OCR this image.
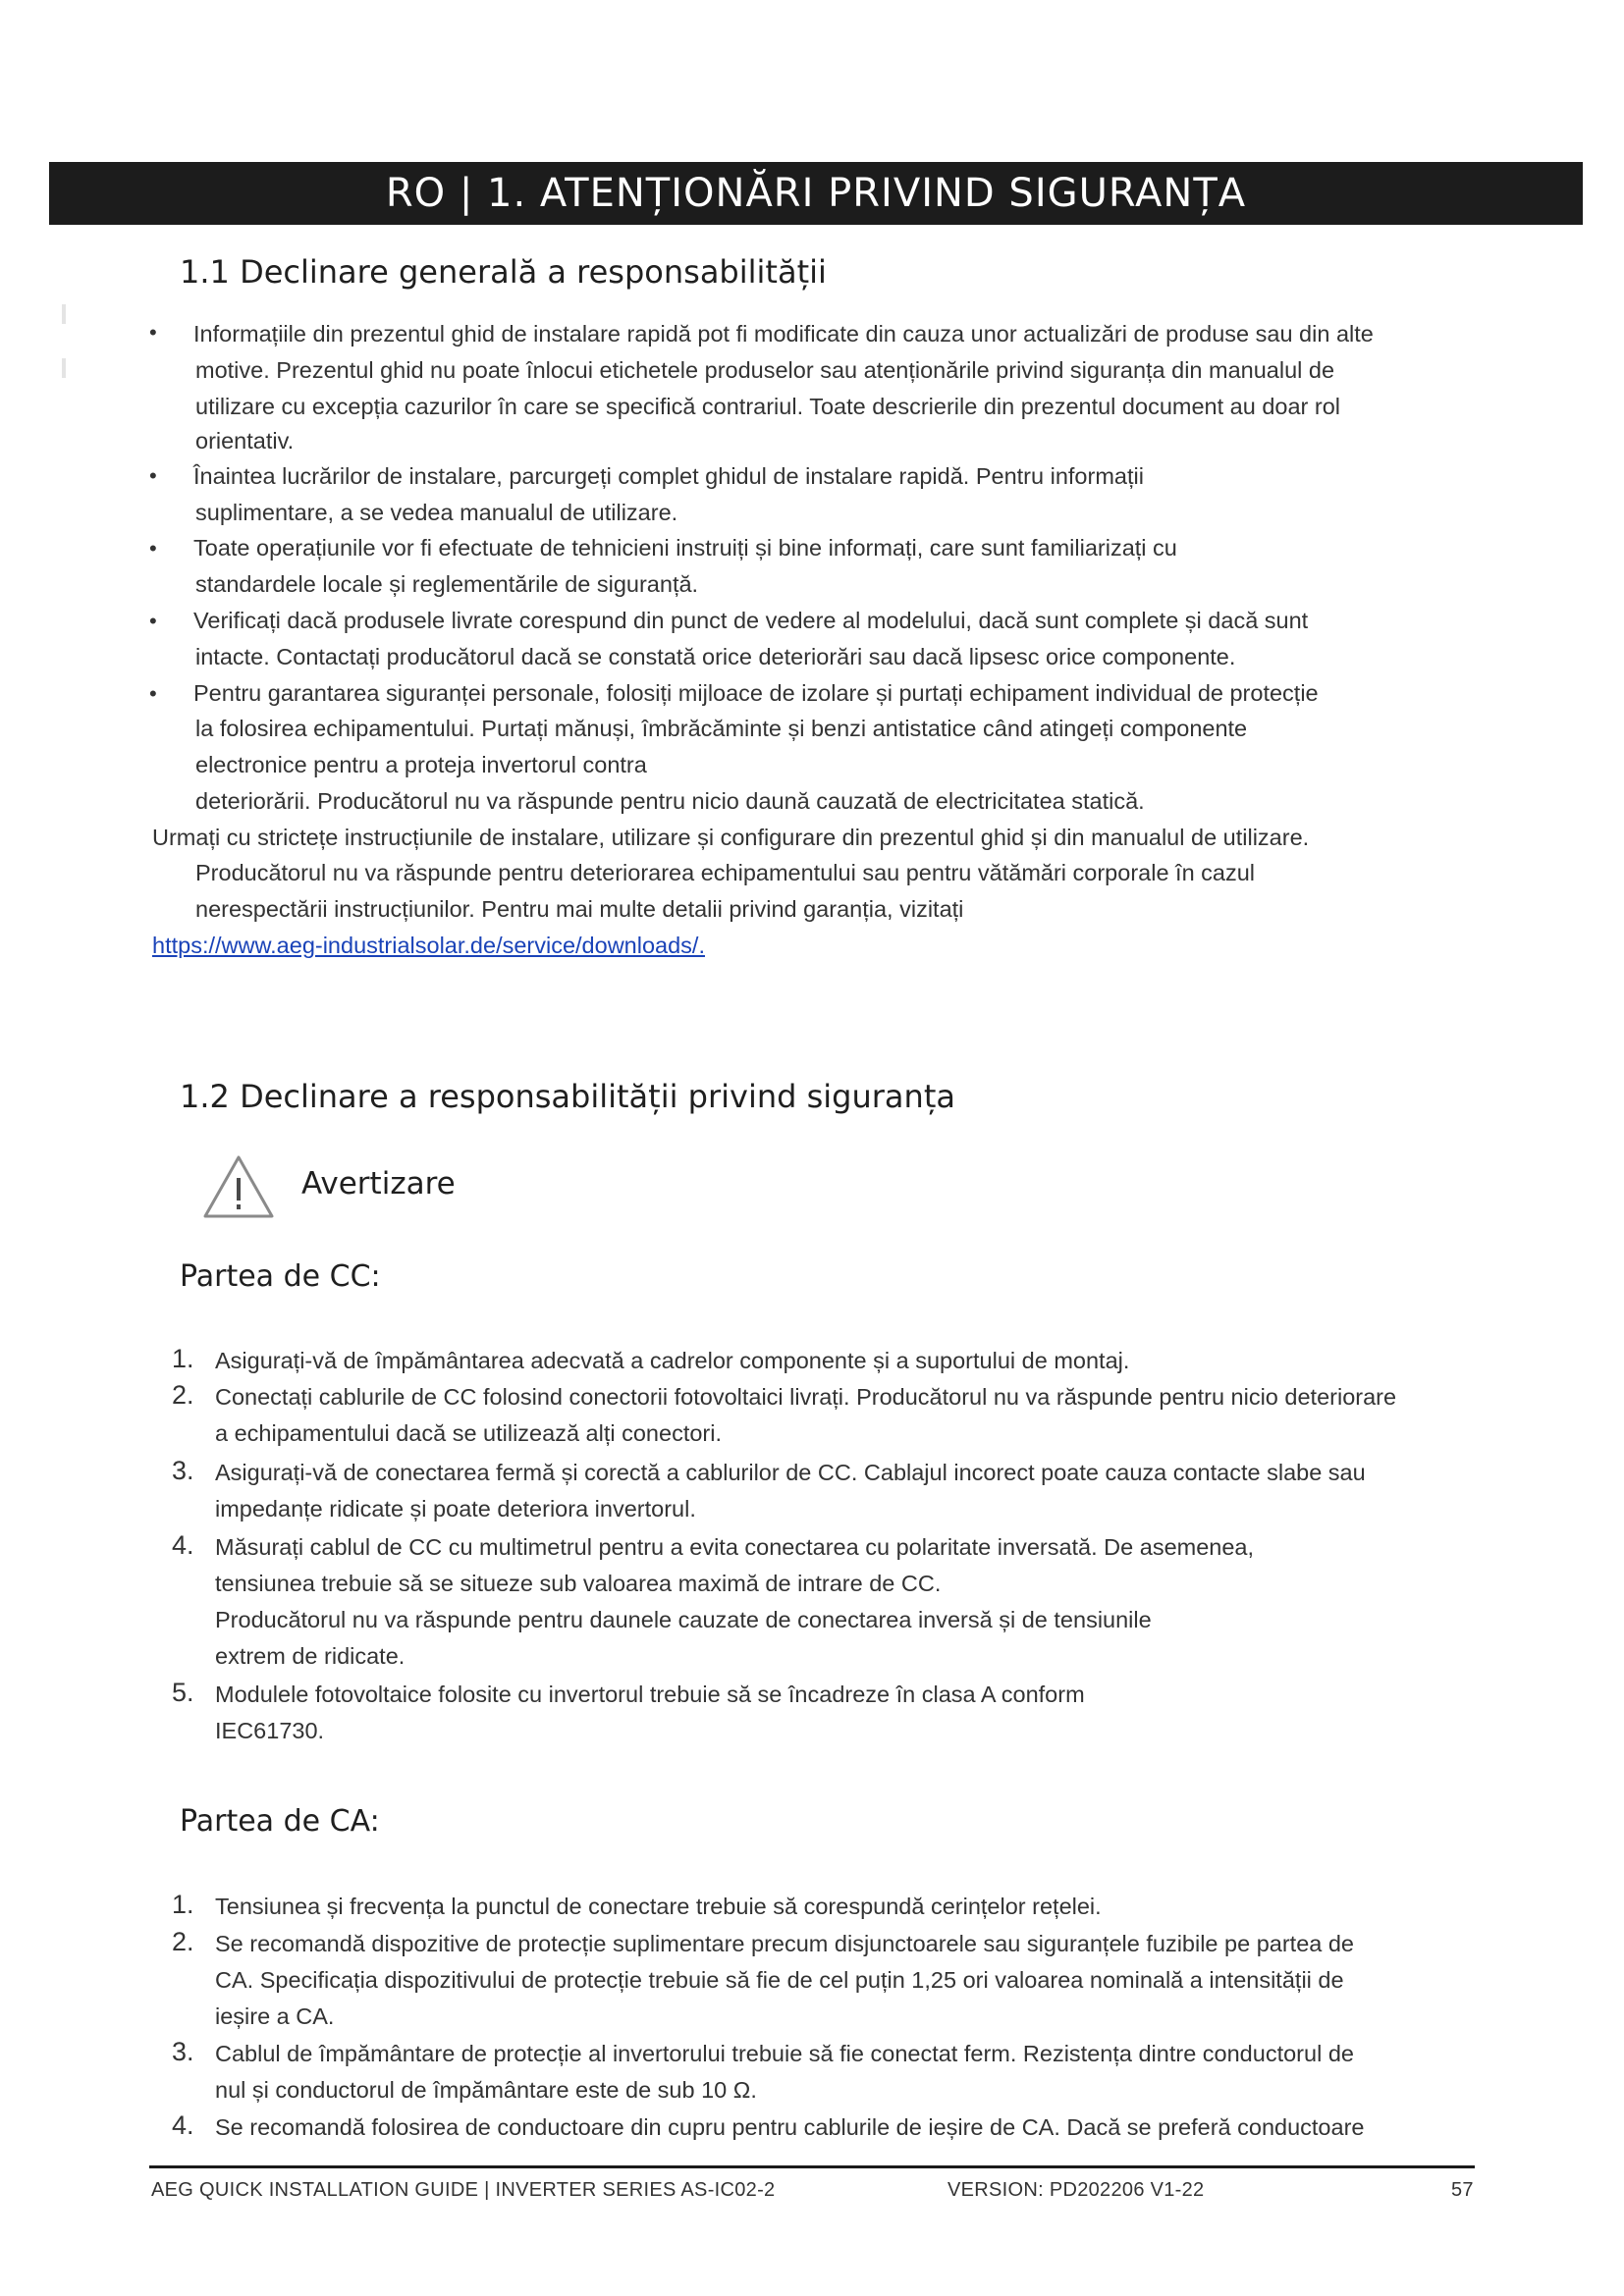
RO | 1. ATENȚIONĂRI PRIVIND SIGURANȚA
1.1 Declinare generală a responsabilității
• Informațiile din prezentul ghid de instalare rapidă pot fi modificate din cauza unor actualizări de produse sau din alte
motive. Prezentul ghid nu poate înlocui etichetele produselor sau atenționările privind siguranța din manualul de
utilizare cu excepția cazurilor în care se specifică contrariul. Toate descrierile din prezentul document au doar rol
orientativ.
• Înaintea lucrărilor de instalare, parcurgeți complet ghidul de instalare rapidă. Pentru informații
suplimentare, a se vedea manualul de utilizare.
• Toate operațiunile vor fi efectuate de tehnicieni instruiți și bine informați, care sunt familiarizați cu
standardele locale și reglementările de siguranță.
• Verificați dacă produsele livrate corespund din punct de vedere al modelului, dacă sunt complete și dacă sunt
intacte. Contactați producătorul dacă se constată orice deteriorări sau dacă lipsesc orice componente.
• Pentru garantarea siguranței personale, folosiți mijloace de izolare și purtați echipament individual de protecție
la folosirea echipamentului. Purtați mănuși, îmbrăcăminte și benzi antistatice când atingeți componente
electronice pentru a proteja invertorul contra
deteriorării. Producătorul nu va răspunde pentru nicio daună cauzată de electricitatea statică.
Urmați cu strictețe instrucțiunile de instalare, utilizare și configurare din prezentul ghid și din manualul de utilizare.
Producătorul nu va răspunde pentru deteriorarea echipamentului sau pentru vătămări corporale în cazul
nerespectării instrucțiunilor. Pentru mai multe detalii privind garanția, vizitați
https://www.aeg-industrialsolar.de/service/downloads/.
1.2 Declinare a responsabilității privind siguranța
Avertizare
Partea de CC:
1. Asigurați-vă de împământarea adecvată a cadrelor componente și a suportului de montaj.
2. Conectați cablurile de CC folosind conectorii fotovoltaici livrați. Producătorul nu va răspunde pentru nicio deteriorare
a echipamentului dacă se utilizează alți conectori.
3. Asigurați-vă de conectarea fermă și corectă a cablurilor de CC. Cablajul incorect poate cauza contacte slabe sau
impedanțe ridicate și poate deteriora invertorul.
4. Măsurați cablul de CC cu multimetrul pentru a evita conectarea cu polaritate inversată. De asemenea,
tensiunea trebuie să se situeze sub valoarea maximă de intrare de CC.
Producătorul nu va răspunde pentru daunele cauzate de conectarea inversă și de tensiunile
extrem de ridicate.
5. Modulele fotovoltaice folosite cu invertorul trebuie să se încadreze în clasa A conform
IEC61730.
Partea de CA:
1. Tensiunea și frecvența la punctul de conectare trebuie să corespundă cerințelor rețelei.
2. Se recomandă dispozitive de protecție suplimentare precum disjunctoarele sau siguranțele fuzibile pe partea de
CA. Specificația dispozitivului de protecție trebuie să fie de cel puțin 1,25 ori valoarea nominală a intensității de
ieșire a CA.
3. Cablul de împământare de protecție al invertorului trebuie să fie conectat ferm. Rezistența dintre conductorul de
nul și conductorul de împământare este de sub 10 Ω.
4. Se recomandă folosirea de conductoare din cupru pentru cablurile de ieșire de CA. Dacă se preferă conductoare
AEG QUICK INSTALLATION GUIDE | INVERTER SERIES AS-IC02-2	VERSION: PD202206 V1-22	57
